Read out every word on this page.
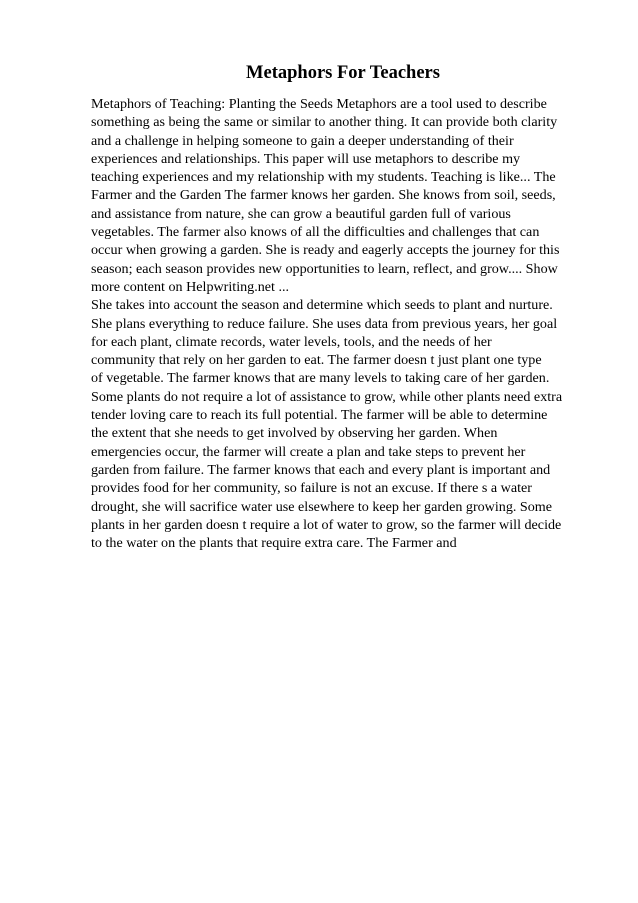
Metaphors For Teachers
Metaphors of Teaching: Planting the Seeds Metaphors are a tool used to describe
something as being the same or similar to another thing. It can provide both clarity
and a challenge in helping someone to gain a deeper understanding of their
experiences and relationships. This paper will use metaphors to describe my
teaching experiences and my relationship with my students. Teaching is like... The
Farmer and the Garden The farmer knows her garden. She knows from soil, seeds,
and assistance from nature, she can grow a beautiful garden full of various
vegetables. The farmer also knows of all the difficulties and challenges that can
occur when growing a garden. She is ready and eagerly accepts the journey for this
season; each season provides new opportunities to learn, reflect, and grow.... Show
more content on Helpwriting.net ...
She takes into account the season and determine which seeds to plant and nurture.
She plans everything to reduce failure. She uses data from previous years, her goal
for each plant, climate records, water levels, tools, and the needs of her
community that rely on her garden to eat. The farmer doesn t just plant one type
of vegetable. The farmer knows that are many levels to taking care of her garden.
Some plants do not require a lot of assistance to grow, while other plants need extra
tender loving care to reach its full potential. The farmer will be able to determine
the extent that she needs to get involved by observing her garden. When
emergencies occur, the farmer will create a plan and take steps to prevent her
garden from failure. The farmer knows that each and every plant is important and
provides food for her community, so failure is not an excuse. If there s a water
drought, she will sacrifice water use elsewhere to keep her garden growing. Some
plants in her garden doesn t require a lot of water to grow, so the farmer will decide
to the water on the plants that require extra care. The Farmer and
